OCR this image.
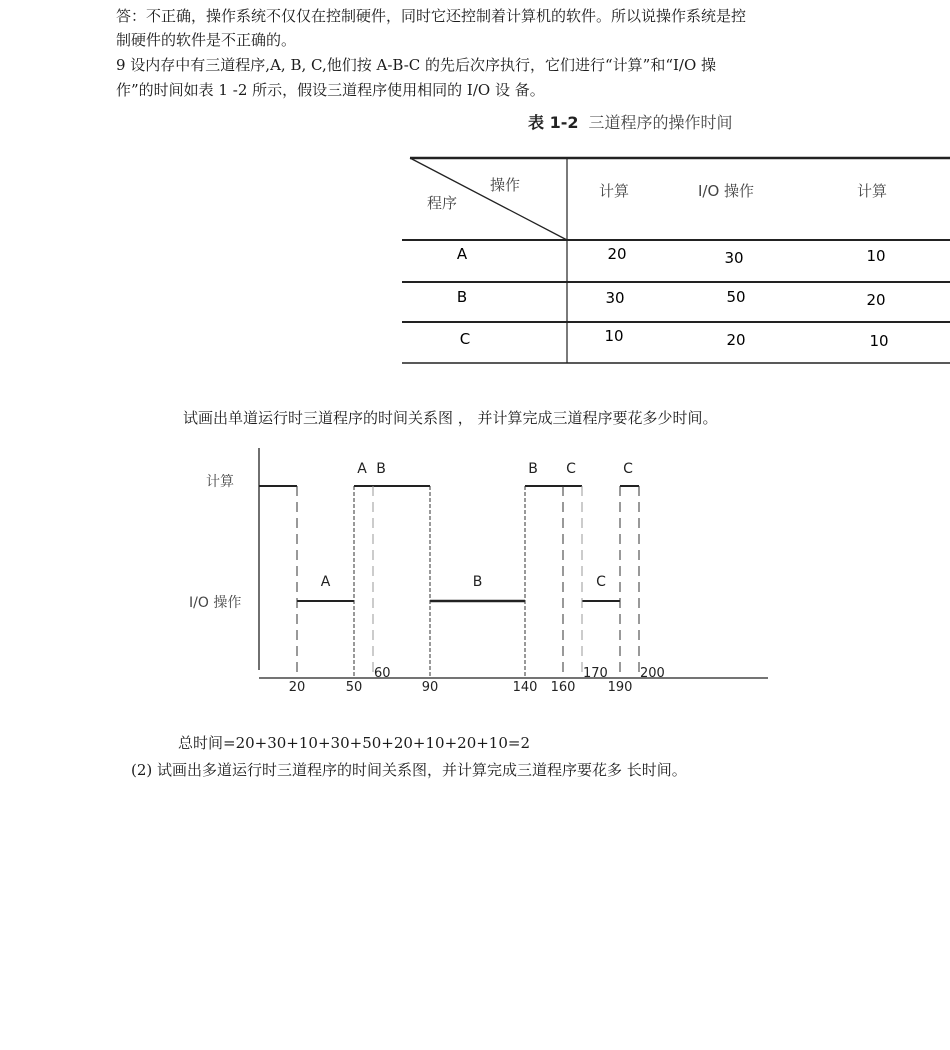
答：不正确，操作系统不仅仅在控制硬件，同时它还控制着计算机的软件。所以说操作系统是控
制硬件的软件是不正确的。
9 设内存中有三道程序,A, B, C,他们按 A-B-C 的先后次序执行，它们进行“计算”和“I/O 操
作”的时间如表 1 -2 所示，假设三道程序使用相同的 I/O 设 备。
表 1-2 三道程序的操作时间
操作
程序
计算	I/O 操作	计算
A	20	30	10
B	30	50	20
C	10	20	10
试画出单道运行时三道程序的时间关系图 ， 并计算完成三道程序要花多少时间。
计算
I/O 操作
A
A B
B
B C
C
C
20	50	90	140 160 190
60	170 200
总时间=20+30+10+30+50+20+10+20+10=2
(2) 试画出多道运行时三道程序的时间关系图，并计算完成三道程序要花多 长时间。
